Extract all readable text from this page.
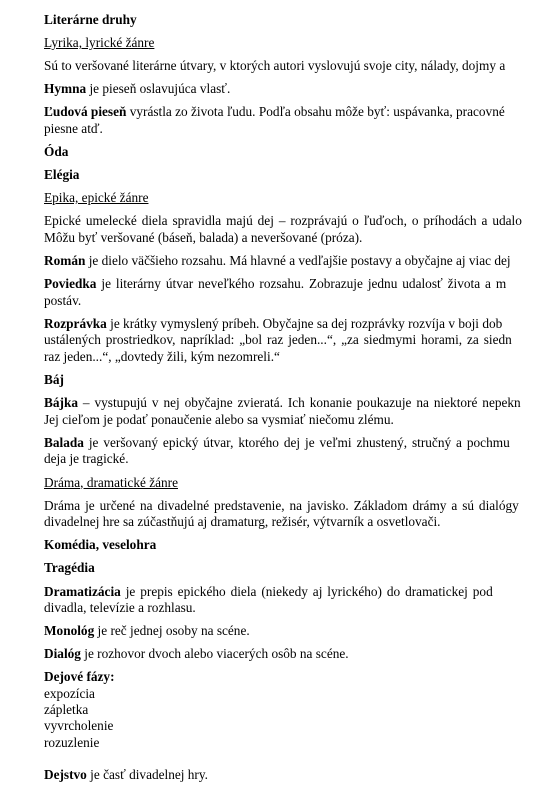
Literárne druhy

Lyrika, lyrické žánre

Sú to veršované literárne útvary, v ktorých autori vyslovujú svoje city, nálady, dojmy a

Hymna je pieseň oslavujúca vlasť.

Ľudová pieseň vyrástla zo života ľudu. Podľa obsahu môže byť: uspávanka, pracovné

piesne atď.

Óda

Elégia

Epika, epické žánre

Epické umelecké diela spravidla majú dej – rozprávajú o ľuďoch, o príhodách a udalo

Môžu byť veršované (báseň, balada) a neveršované (próza).

Román je dielo väčšieho rozsahu. Má hlavné a vedľajšie postavy a obyčajne aj viac dej

Poviedka je literárny útvar neveľkého rozsahu. Zobrazuje jednu udalosť života a m

postáv.

Rozprávka je krátky vymyslený príbeh. Obyčajne sa dej rozprávky rozvíja v boji dob

ustálených prostriedkov, napríklad: „bol raz jeden...“, „za siedmymi horami, za siedn

raz jeden...“, „dovtedy žili, kým nezomreli.“

Báj

Bájka – vystupujú v nej obyčajne zvieratá. Ich konanie poukazuje na niektoré nepekn

Jej cieľom je podať ponaučenie alebo sa vysmiať niečomu zlému.

Balada je veršovaný epický útvar, ktorého dej je veľmi zhustený, stručný a pochmu

deja je tragické.

Dráma, dramatické žánre

Dráma je určené na divadelné predstavenie, na javisko. Základom drámy a sú dialógy

divadelnej hre sa zúčastňujú aj dramaturg, režisér, výtvarník a osvetlovači.

Komédia, veselohra

Tragédia

Dramatizácia je prepis epického diela (niekedy aj lyrického) do dramatickej pod

divadla, televízie a rozhlasu.

Monológ je reč jednej osoby na scéne.

Dialóg je rozhovor dvoch alebo viacerých osôb na scéne.

Dejové fázy:

expozícia

zápletka

vyvrcholenie

rozuzlenie

Dejstvo je časť divadelnej hry.
